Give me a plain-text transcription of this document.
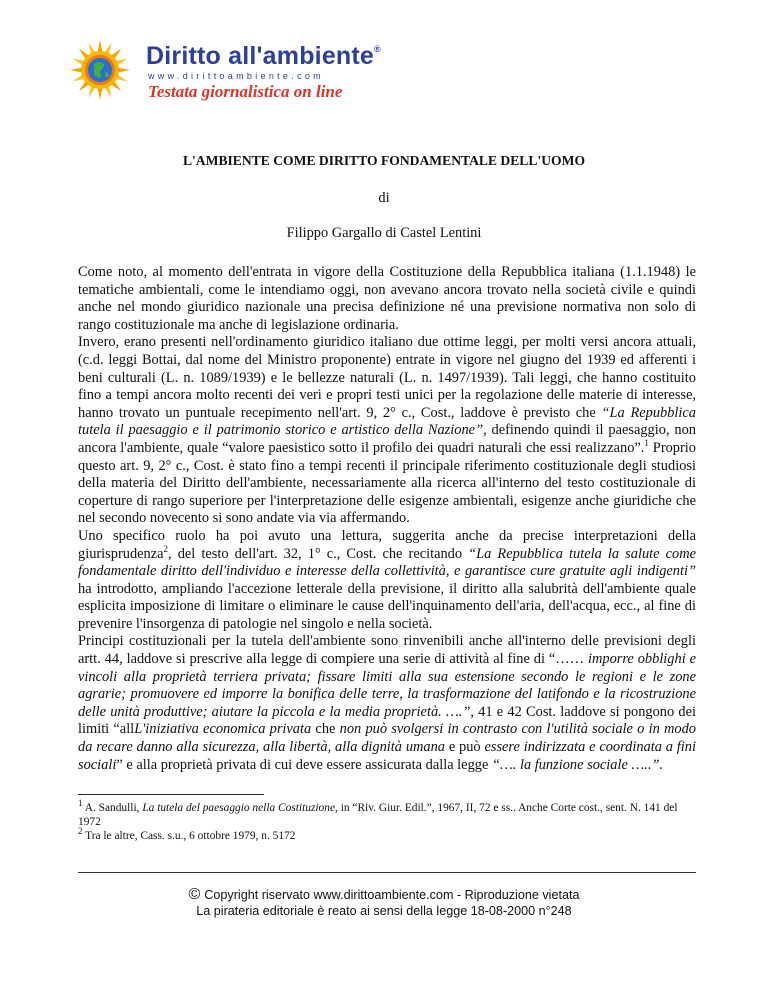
Diritto all'ambiente®
www.dirittoambiente.com
Testata giornalistica on line
L'AMBIENTE COME DIRITTO FONDAMENTALE DELL'UOMO
di
Filippo Gargallo di Castel Lentini

Come noto, al momento dell'entrata in vigore della Costituzione della Repubblica italiana (1.1.1948) le tematiche ambientali, come le intendiamo oggi, non avevano ancora trovato nella società civile e quindi anche nel mondo giuridico nazionale una precisa definizione né una previsione normativa non solo di rango costituzionale ma anche di legislazione ordinaria.

Invero, erano presenti nell'ordinamento giuridico italiano due ottime leggi, per molti versi ancora attuali, (c.d. leggi Bottai, dal nome del Ministro proponente) entrate in vigore nel giugno del 1939 ed afferenti i beni culturali (L. n. 1089/1939) e le bellezze naturali (L. n. 1497/1939). Tali leggi, che hanno costituito fino a tempi ancora molto recenti dei veri e propri testi unici per la regolazione delle materie di interesse, hanno trovato un puntuale recepimento nell'art. 9, 2° c., Cost., laddove è previsto che “La Repubblica tutela il paesaggio e il patrimonio storico e artistico della Nazione”, definendo quindi il paesaggio, non ancora l'ambiente, quale “valore paesistico sotto il profilo dei quadri naturali che essi realizzano”.$^1$ Proprio questo art. 9, 2° c., Cost. è stato fino a tempi recenti il principale riferimento costituzionale degli studiosi della materia del Diritto dell'ambiente, necessariamente alla ricerca all'interno del testo costituzionale di coperture di rango superiore per l'interpretazione delle esigenze ambientali, esigenze anche giuridiche che nel secondo novecento si sono andate via via affermando.

Uno specifico ruolo ha poi avuto una lettura, suggerita anche da precise interpretazioni della giurisprudenza$^2$, del testo dell'art. 32, 1° c., Cost. che recitando “La Repubblica tutela la salute come fondamentale diritto dell'individuo e interesse della collettività, e garantisce cure gratuite agli indigenti” ha introdotto, ampliando l'accezione letterale della previsione, il diritto alla salubrità dell'ambiente quale esplicita imposizione di limitare o eliminare le cause dell'inquinamento dell'aria, dell'acqua, ecc., al fine di prevenire l'insorgenza di patologie nel singolo e nella società.

Principi costituzionali per la tutela dell'ambiente sono rinvenibili anche all'interno delle previsioni degli artt. 44, laddove si prescrive alla legge di compiere una serie di attività al fine di “…… imporre obblighi e vincoli alla proprietà terriera privata; fissare limiti alla sua estensione secondo le regioni e le zone agrarie; promuovere ed imporre la bonifica delle terre, la trasformazione del latifondo e la ricostruzione delle unità produttive; aiutare la piccola e la media proprietà. ….”, 41 e 42 Cost. laddove si pongono dei limiti “allL'iniziativa economica privata che non può svolgersi in contrasto con l'utilità sociale o in modo da recare danno alla sicurezza, alla libertà, alla dignità umana e può essere indirizzata e coordinata a fini sociali” e alla proprietà privata di cui deve essere assicurata dalla legge “…. la funzione sociale …..”.

$^1$ A. Sandulli, La tutela del paesaggio nella Costituzione, in “Riv. Giur. Edil.”, 1967, II, 72 e ss.. Anche Corte cost., sent. N. 141 del 1972

$^2$ Tra le altre, Cass. s.u., 6 ottobre 1979, n. 5172

© Copyright riservato www.dirittoambiente.com - Riproduzione vietata
La pirateria editoriale è reato ai sensi della legge 18-08-2000 n°248
